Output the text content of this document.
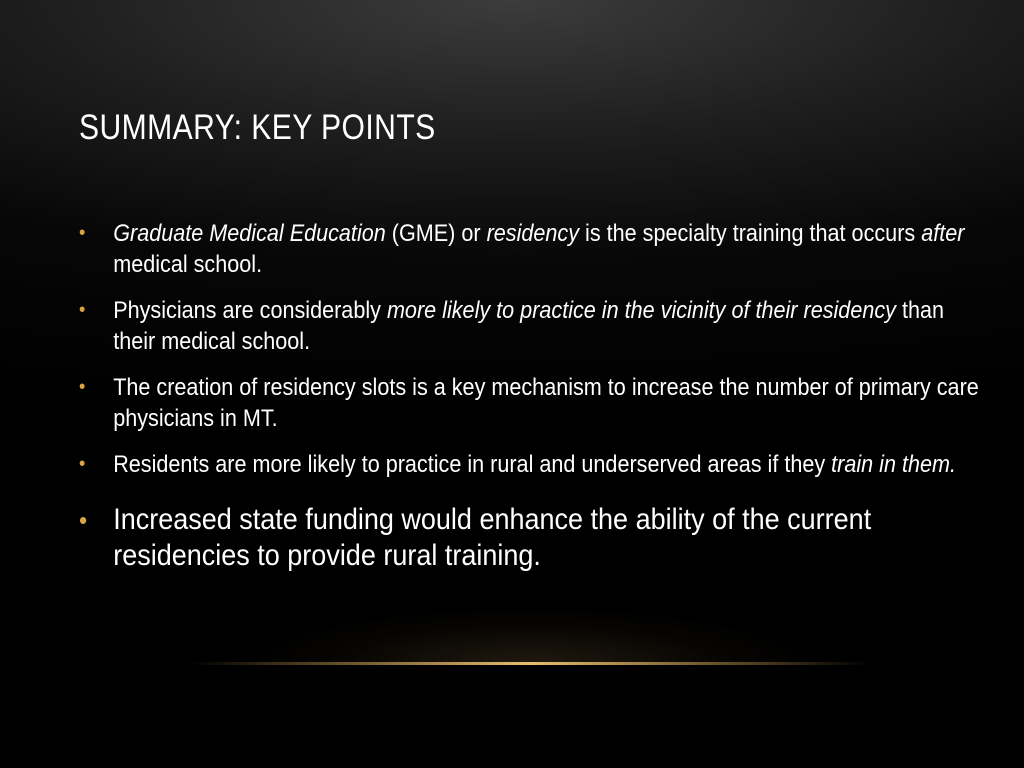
SUMMARY: KEY POINTS
• Graduate Medical Education (GME) or residency is the specialty training that occurs after medical school.
• Physicians are considerably more likely to practice in the vicinity of their residency than their medical school.
• The creation of residency slots is a key mechanism to increase the number of primary care physicians in MT.
• Residents are more likely to practice in rural and underserved areas if they train in them.
• Increased state funding would enhance the ability of the current residencies to provide rural training.
